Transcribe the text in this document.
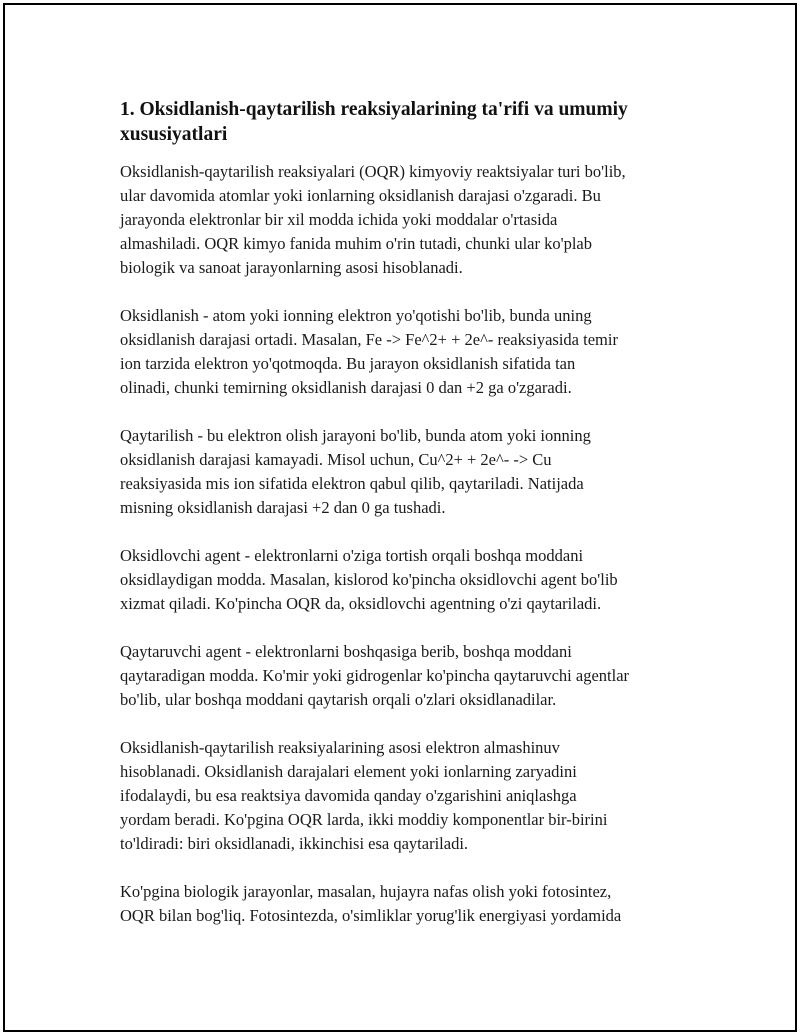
1. Oksidlanish-qaytarilish reaksiyalarining ta'rifi va umumiy xususiyatlari

Oksidlanish-qaytarilish reaksiyalari (OQR) kimyoviy reaktsiyalar turi bo'lib,
ular davomida atomlar yoki ionlarning oksidlanish darajasi o'zgaradi. Bu
jarayonda elektronlar bir xil modda ichida yoki moddalar o'rtasida
almashiladi. OQR kimyo fanida muhim o'rin tutadi, chunki ular ko'plab
biologik va sanoat jarayonlarning asosi hisoblanadi.

Oksidlanish - atom yoki ionning elektron yo'qotishi bo'lib, bunda uning
oksidlanish darajasi ortadi. Masalan, Fe -> Fe^2+ + 2e^- reaksiyasida temir
ion tarzida elektron yo'qotmoqda. Bu jarayon oksidlanish sifatida tan
olinadi, chunki temirning oksidlanish darajasi 0 dan +2 ga o'zgaradi.

Qaytarilish - bu elektron olish jarayoni bo'lib, bunda atom yoki ionning
oksidlanish darajasi kamayadi. Misol uchun, Cu^2+ + 2e^- -> Cu
reaksiyasida mis ion sifatida elektron qabul qilib, qaytariladi. Natijada
misning oksidlanish darajasi +2 dan 0 ga tushadi.

Oksidlovchi agent - elektronlarni o'ziga tortish orqali boshqa moddani
oksidlaydigan modda. Masalan, kislorod ko'pincha oksidlovchi agent bo'lib
xizmat qiladi. Ko'pincha OQR da, oksidlovchi agentning o'zi qaytariladi.

Qaytaruvchi agent - elektronlarni boshqasiga berib, boshqa moddani
qaytaradigan modda. Ko'mir yoki gidrogenlar ko'pincha qaytaruvchi agentlar
bo'lib, ular boshqa moddani qaytarish orqali o'zlari oksidlanadilar.

Oksidlanish-qaytarilish reaksiyalarining asosi elektron almashinuv
hisoblanadi. Oksidlanish darajalari element yoki ionlarning zaryadini
ifodalaydi, bu esa reaktsiya davomida qanday o'zgarishini aniqlashga
yordam beradi. Ko'pgina OQR larda, ikki moddiy komponentlar bir-birini
to'ldiradi: biri oksidlanadi, ikkinchisi esa qaytariladi.

Ko'pgina biologik jarayonlar, masalan, hujayra nafas olish yoki fotosintez,
OQR bilan bog'liq. Fotosintezda, o'simliklar yorug'lik energiyasi yordamida
